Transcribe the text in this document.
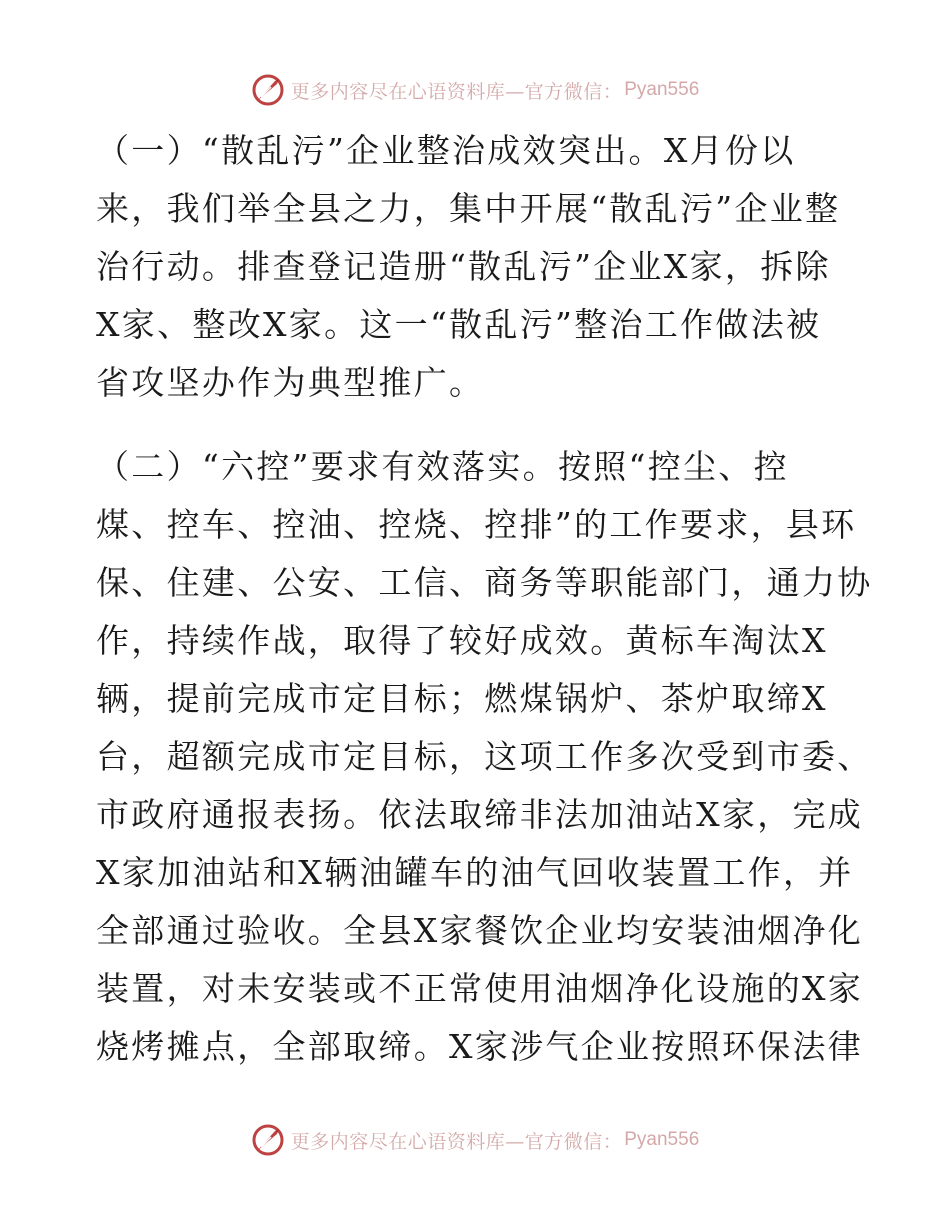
更多内容尽在心语资料库—官方微信： Pyan556

（一）“散乱污”企业整治成效突出。X月份以
来，我们举全县之力，集中开展“散乱污”企业整
治行动。排查登记造册“散乱污”企业X家，拆除
X家、整改X家。这一“散乱污”整治工作做法被
省攻坚办作为典型推广。

（二）“六控”要求有效落实。按照“控尘、控
煤、控车、控油、控烧、控排”的工作要求，县环
保、住建、公安、工信、商务等职能部门，通力协
作，持续作战，取得了较好成效。黄标车淘汰X
辆，提前完成市定目标；燃煤锅炉、茶炉取缔X
台，超额完成市定目标，这项工作多次受到市委、
市政府通报表扬。依法取缔非法加油站X家，完成
X家加油站和X辆油罐车的油气回收装置工作，并
全部通过验收。全县X家餐饮企业均安装油烟净化
装置，对未安装或不正常使用油烟净化设施的X家
烧烤摊点，全部取缔。X家涉气企业按照环保法律

更多内容尽在心语资料库—官方微信： Pyan556
